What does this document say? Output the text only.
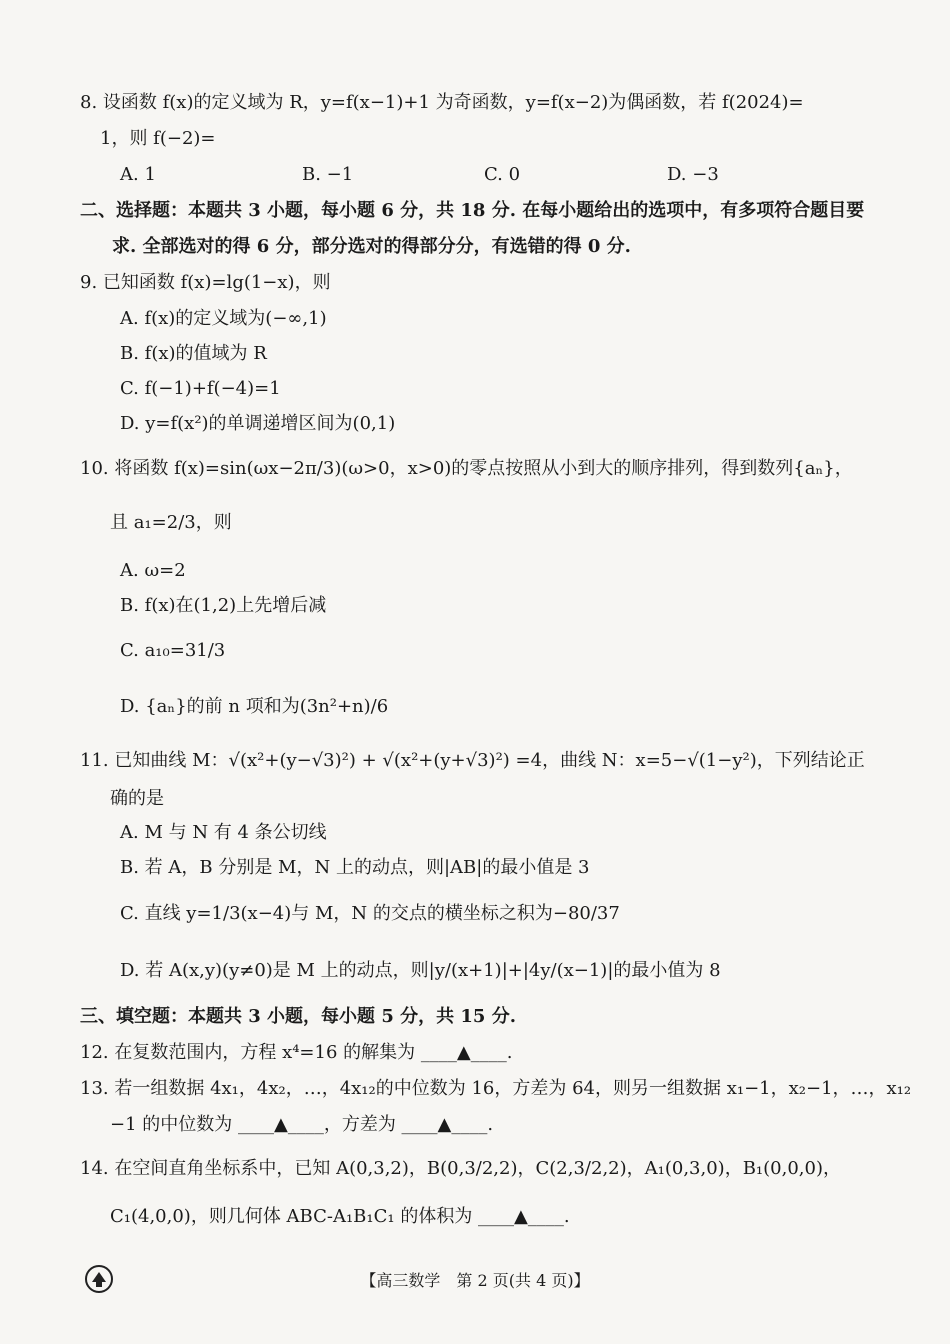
8. 设函数 f(x)的定义域为 R，y=f(x−1)+1 为奇函数，y=f(x−2)为偶函数，若 f(2024)=
1，则 f(−2)=
A. 1	B. −1	C. 0	D. −3
二、选择题：本题共 3 小题，每小题 6 分，共 18 分. 在每小题给出的选项中，有多项符合题目要
求. 全部选对的得 6 分，部分选对的得部分分，有选错的得 0 分.
9. 已知函数 f(x)=lg(1−x)，则
A. f(x)的定义域为(−∞,1)
B. f(x)的值域为 R
C. f(−1)+f(−4)=1
D. y=f(x²)的单调递增区间为(0,1)
10. 将函数 f(x)=sin(ωx−2π/3)(ω>0，x>0)的零点按照从小到大的顺序排列，得到数列{aₙ}，
且 a₁=2/3，则
A. ω=2
B. f(x)在(1,2)上先增后减
C. a₁₀=31/3
D. {aₙ}的前 n 项和为(3n²+n)/6
11. 已知曲线 M：√(x²+(y−√3)²) + √(x²+(y+√3)²) =4，曲线 N：x=5−√(1−y²)，下列结论正
确的是
A. M 与 N 有 4 条公切线
B. 若 A，B 分别是 M，N 上的动点，则|AB|的最小值是 3
C. 直线 y=1/3(x−4)与 M，N 的交点的横坐标之积为−80/37
D. 若 A(x,y)(y≠0)是 M 上的动点，则|y/(x+1)|+|4y/(x−1)|的最小值为 8
三、填空题：本题共 3 小题，每小题 5 分，共 15 分.
12. 在复数范围内，方程 x⁴=16 的解集为 ____▲____.
13. 若一组数据 4x₁，4x₂，…，4x₁₂的中位数为 16，方差为 64，则另一组数据 x₁−1，x₂−1，…，x₁₂
−1 的中位数为 ____▲____，方差为 ____▲____.
14. 在空间直角坐标系中，已知 A(0,3,2)，B(0,3/2,2)，C(2,3/2,2)，A₁(0,3,0)，B₁(0,0,0)，
C₁(4,0,0)，则几何体 ABC-A₁B₁C₁ 的体积为 ____▲____.
【高三数学　第 2 页(共 4 页)】
